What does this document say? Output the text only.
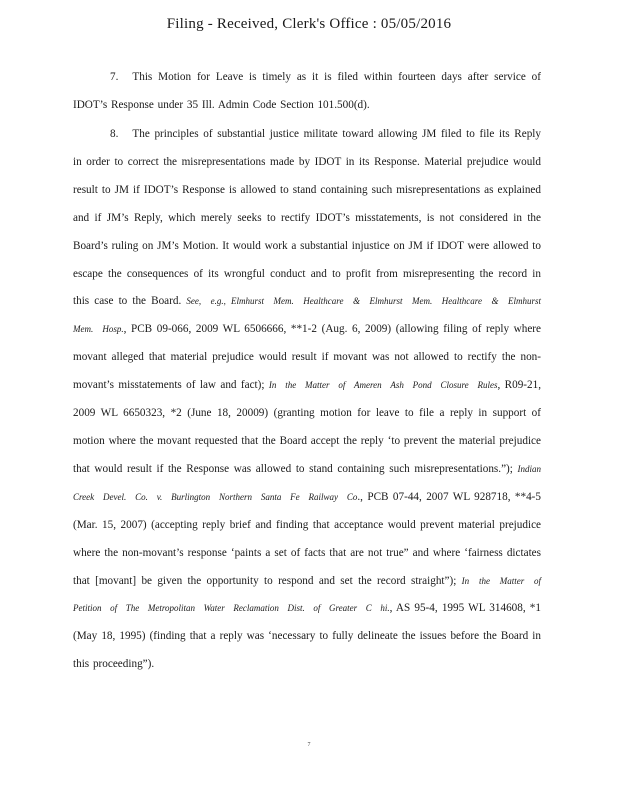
Filing - Received, Clerk's Office : 05/05/2016

7. This Motion for Leave is timely as it is filed within fourteen days after service of IDOT’s Response under 35 Ill. Admin Code Section 101.500(d).

8. The principles of substantial justice militate toward allowing JM filed to file its Reply in order to correct the misrepresentations made by IDOT in its Response. Material prejudice would result to JM if IDOT’s Response is allowed to stand containing such misrepresentations as explained and if JM’s Reply, which merely seeks to rectify IDOT’s misstatements, is not considered in the Board’s ruling on JM’s Motion. It would work a substantial injustice on JM if IDOT were allowed to escape the consequences of its wrongful conduct and to profit from misrepresenting the record in this case to the Board. See, e.g., Elmhurst Mem. Healthcare & Elmhurst Mem. Healthcare & Elmhurst Mem. Hosp., PCB 09-066, 2009 WL 6506666, **1-2 (Aug. 6, 2009) (allowing filing of reply where movant alleged that material prejudice would result if movant was not allowed to rectify the non-movant’s misstatements of law and fact); In the Matter of Ameren Ash Pond Closure Rules, R09-21, 2009 WL 6650323, *2 (June 18, 20009) (granting motion for leave to file a reply in support of motion where the movant requested that the Board accept the reply ‘to prevent the material prejudice that would result if the Response was allowed to stand containing such misrepresentations.”); Indian Creek Devel. Co. v. Burlington Northern Santa Fe Railway Co., PCB 07-44, 2007 WL 928718, **4-5 (Mar. 15, 2007) (accepting reply brief and finding that acceptance would prevent material prejudice where the non-movant’s response ‘paints a set of facts that are not true” and where ‘fairness dictates that [movant] be given the opportunity to respond and set the record straight”); In the Matter of Petition of The Metropolitan Water Reclamation Dist. of Greater C hi., AS 95-4, 1995 WL 314608, *1 (May 18, 1995) (finding that a reply was ‘necessary to fully delineate the issues before the Board in this proceeding”).

7
